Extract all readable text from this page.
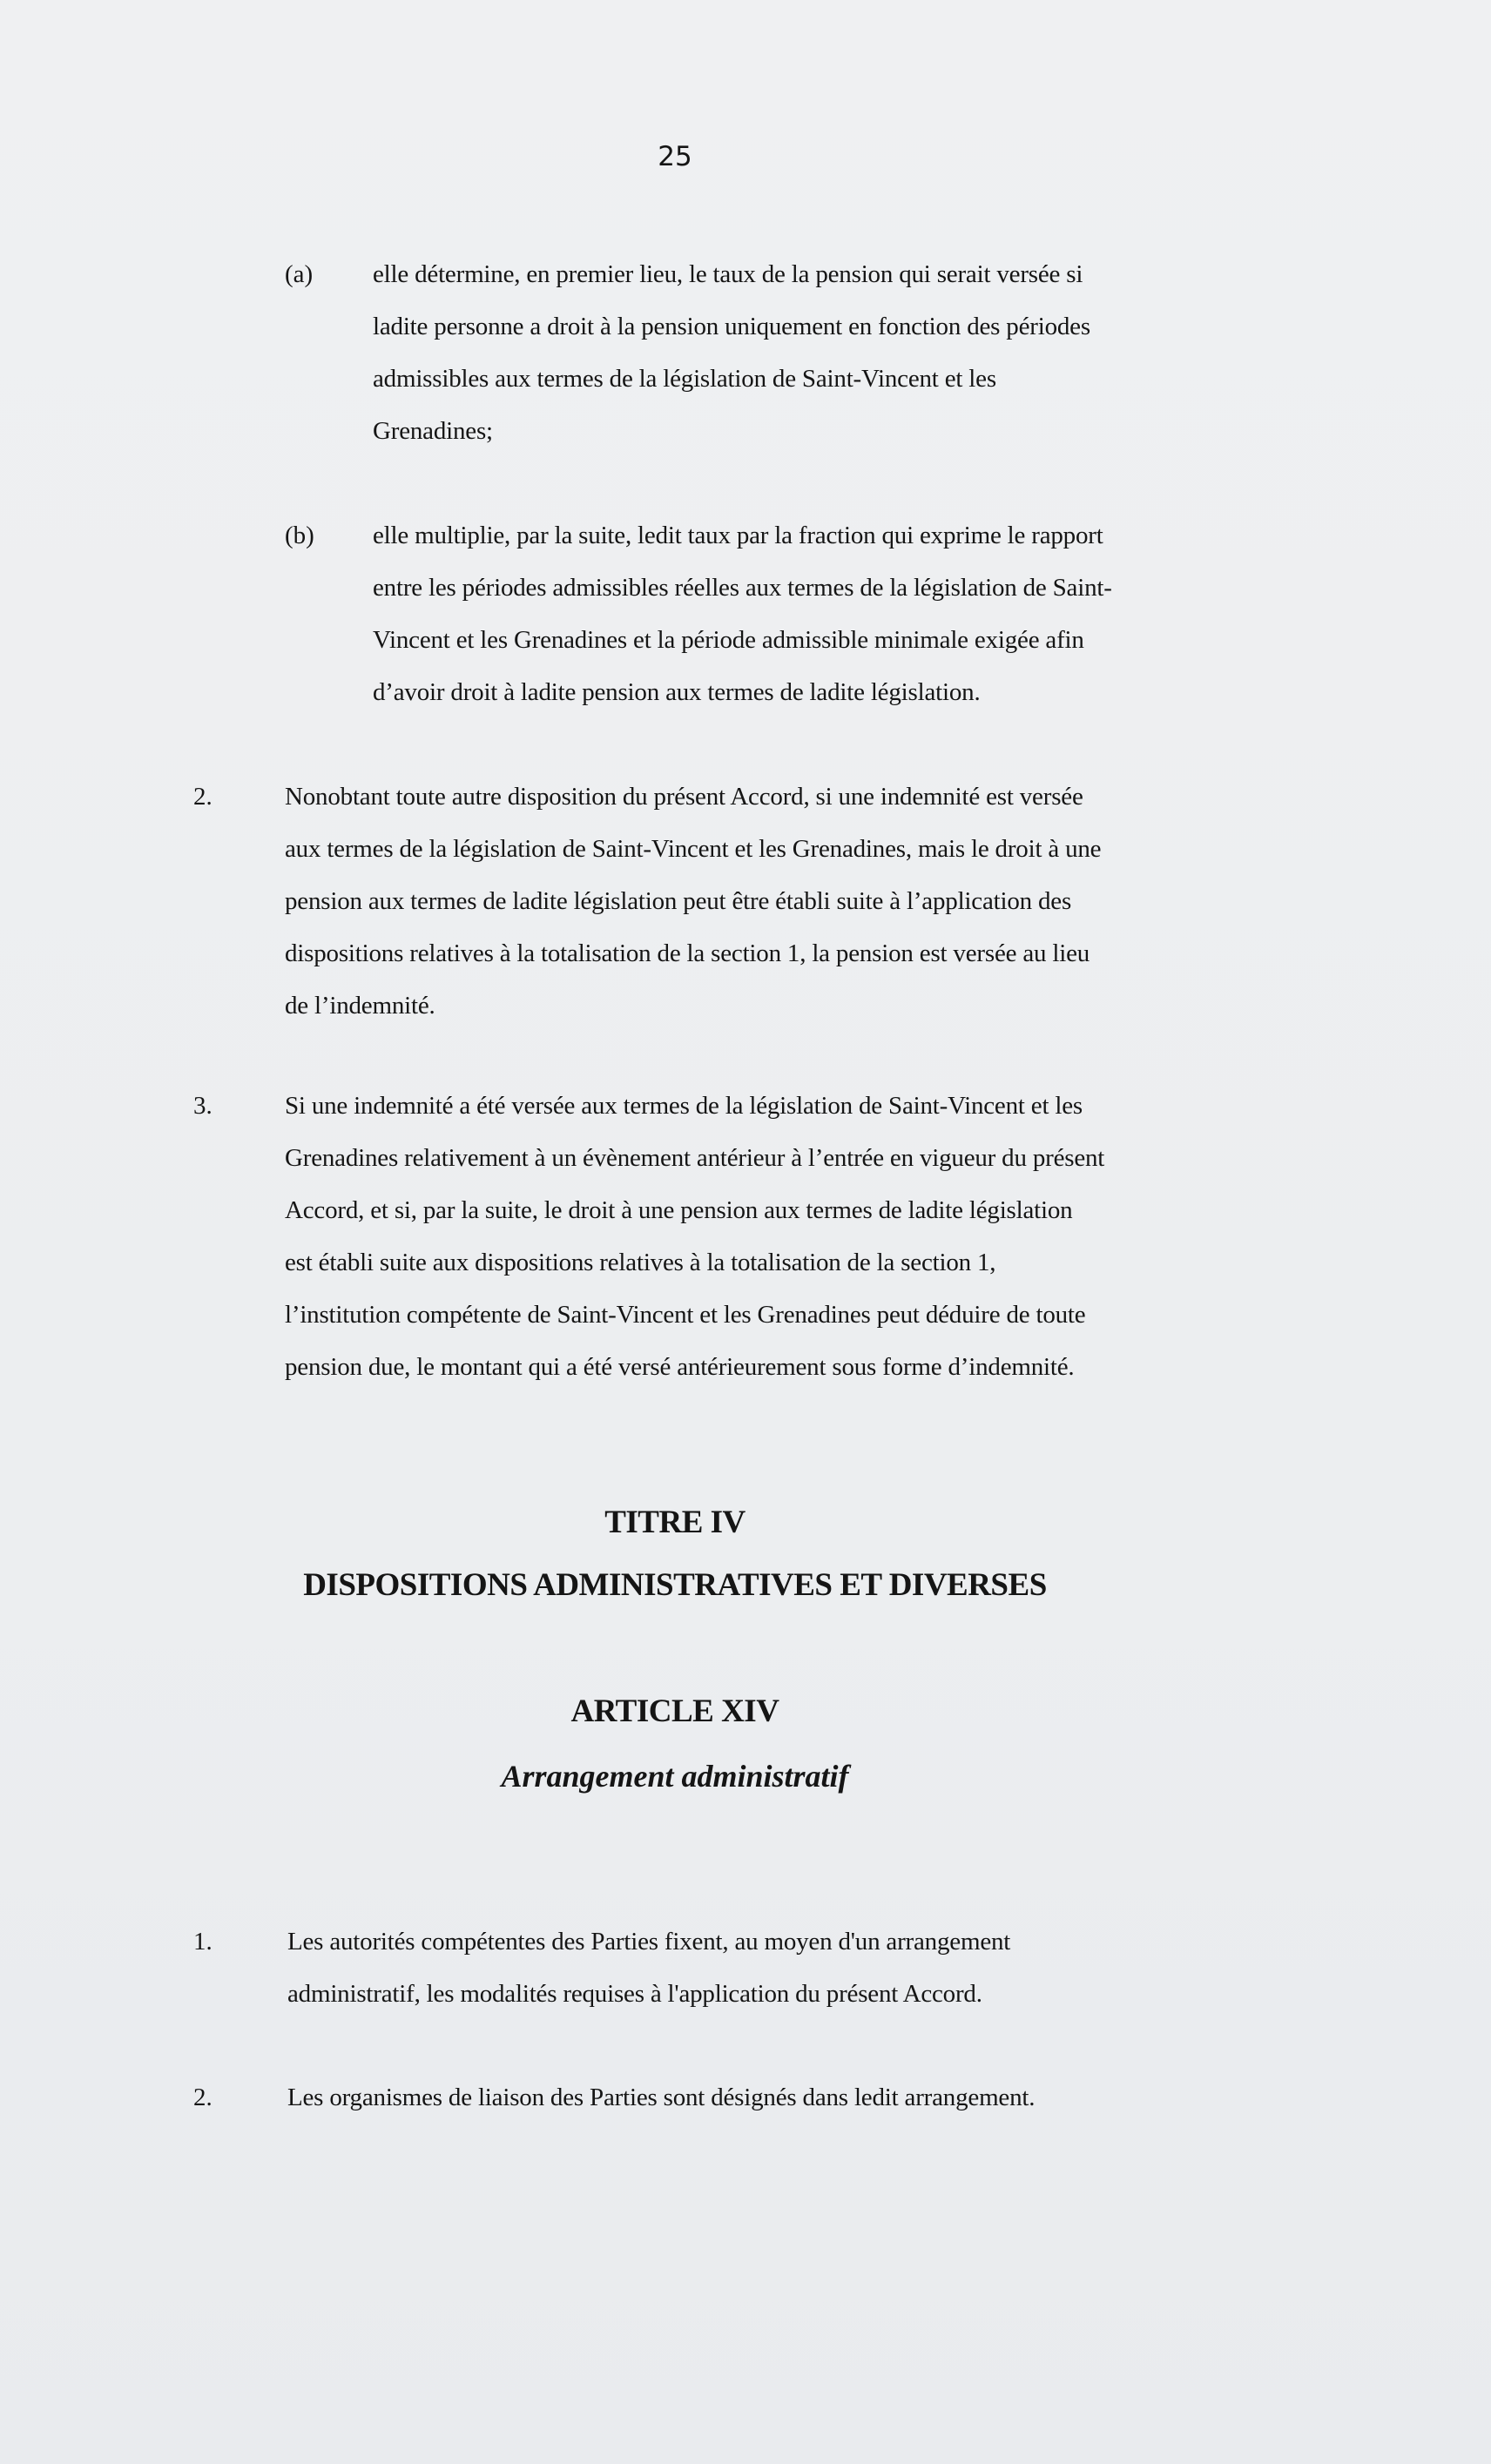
25
(a) elle détermine, en premier lieu, le taux de la pension qui serait versée si
ladite personne a droit à la pension uniquement en fonction des périodes
admissibles aux termes de la législation de Saint-Vincent et les
Grenadines;
(b) elle multiplie, par la suite, ledit taux par la fraction qui exprime le rapport
entre les périodes admissibles réelles aux termes de la législation de Saint-
Vincent et les Grenadines et la période admissible minimale exigée afin
d’avoir droit à ladite pension aux termes de ladite législation.
2.	Nonobtant toute autre disposition du présent Accord, si une indemnité est versée
aux termes de la législation de Saint-Vincent et les Grenadines, mais le droit à une
pension aux termes de ladite législation peut être établi suite à l’application des
dispositions relatives à la totalisation de la section 1, la pension est versée au lieu
de l’indemnité.
3.	Si une indemnité a été versée aux termes de la législation de Saint-Vincent et les
Grenadines relativement à un évènement antérieur à l’entrée en vigueur du présent
Accord, et si, par la suite, le droit à une pension aux termes de ladite législation
est établi suite aux dispositions relatives à la totalisation de la section 1,
l’institution compétente de Saint-Vincent et les Grenadines peut déduire de toute
pension due, le montant qui a été versé antérieurement sous forme d’indemnité.
TITRE IV
DISPOSITIONS ADMINISTRATIVES ET DIVERSES
ARTICLE XIV
Arrangement administratif
1.	Les autorités compétentes des Parties fixent, au moyen d'un arrangement
administratif, les modalités requises à l'application du présent Accord.
2.	Les organismes de liaison des Parties sont désignés dans ledit arrangement.
